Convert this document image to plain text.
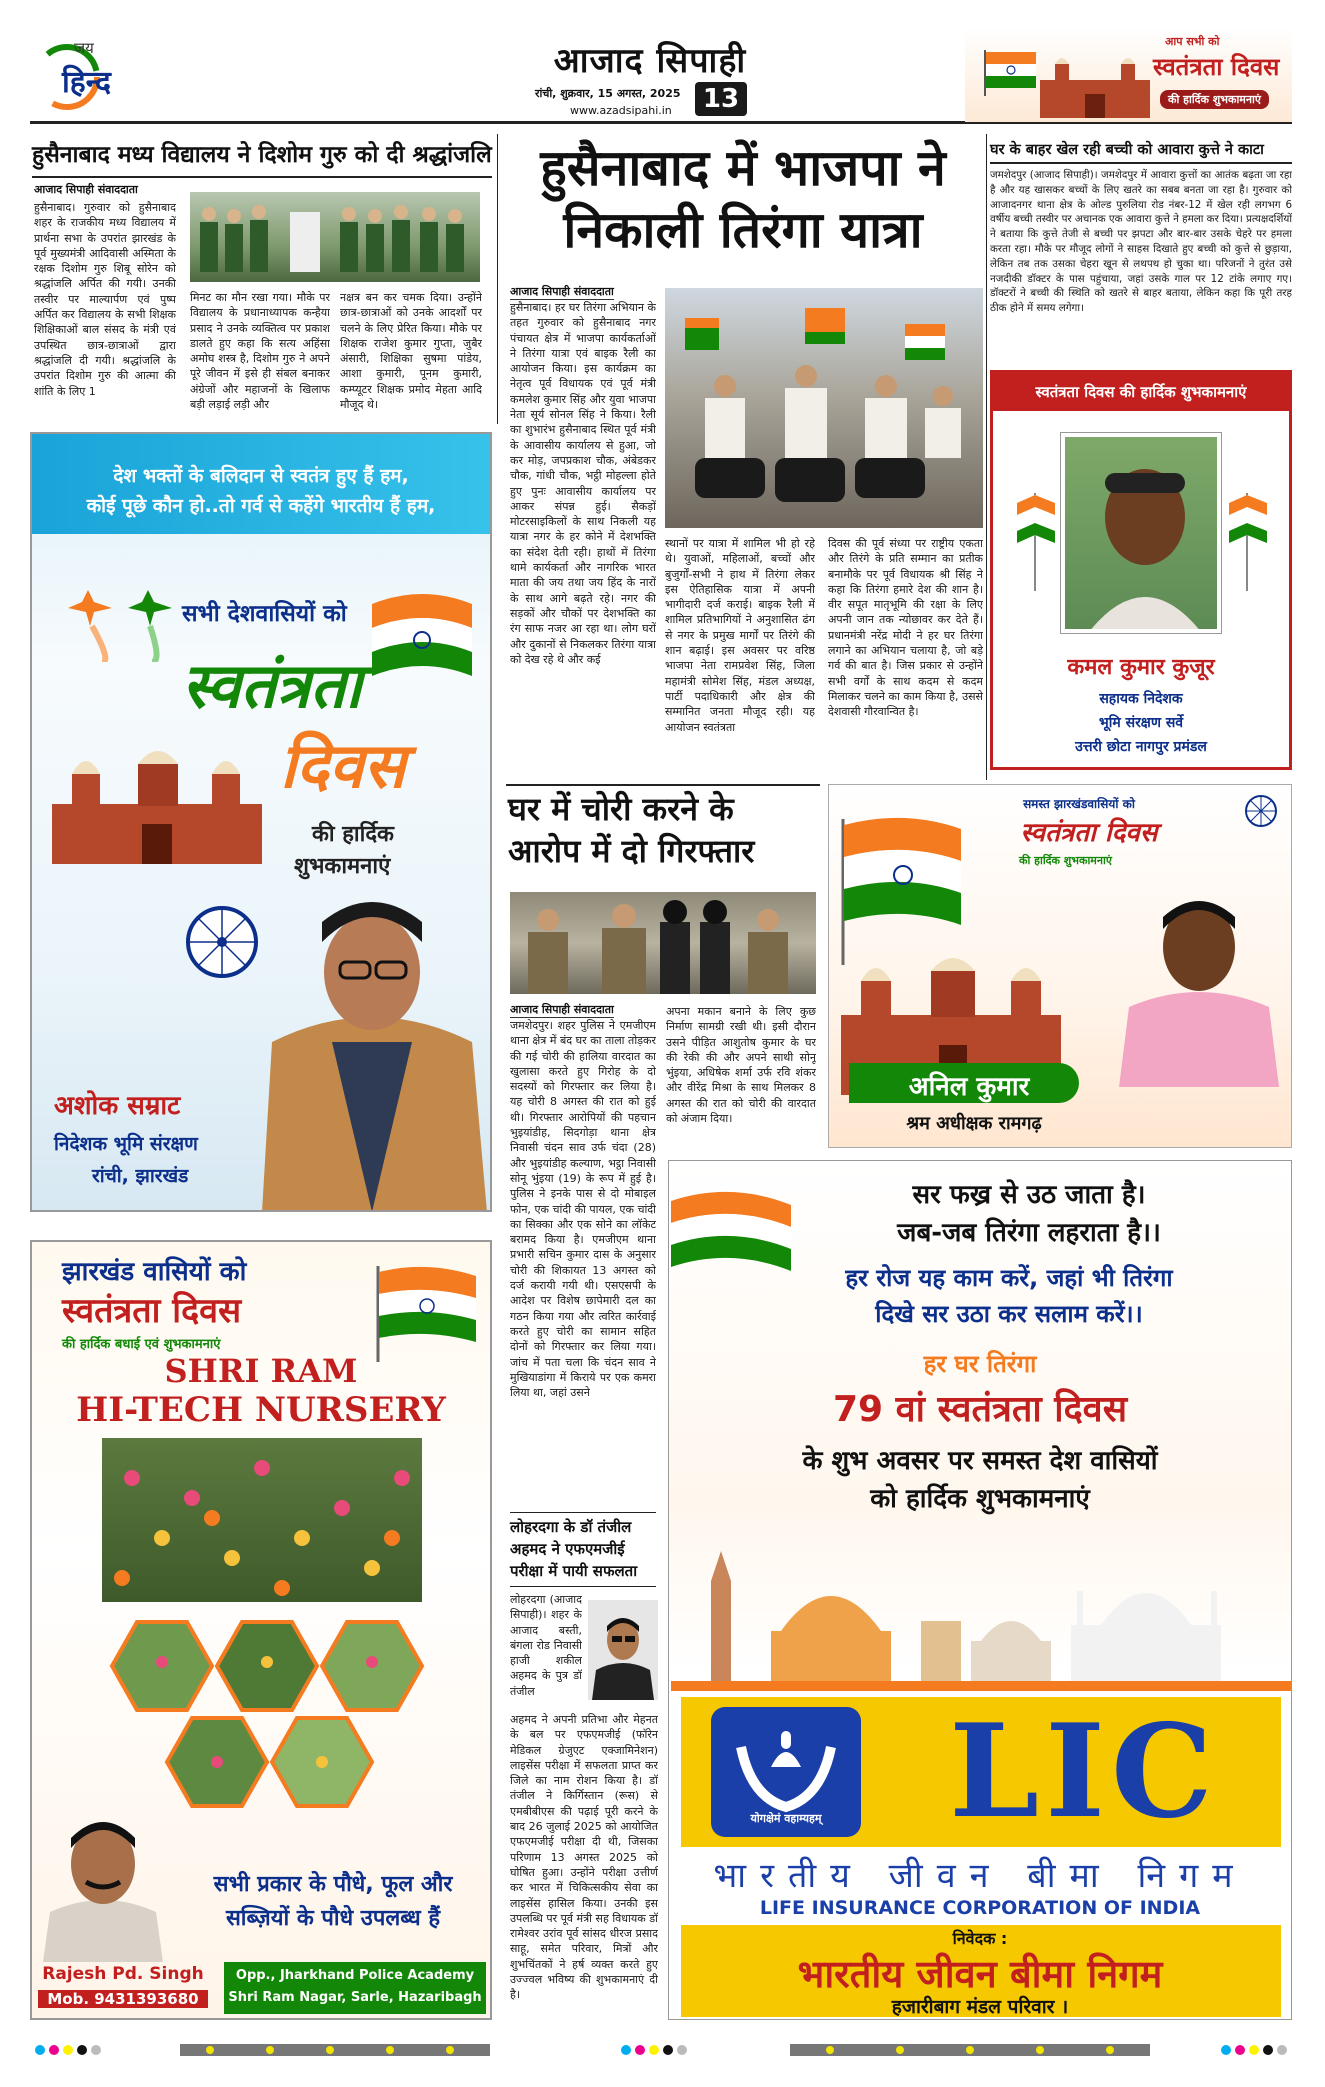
जय
हिन्द
आजाद सिपाही
रांची, शुक्रवार, 15 अगस्त, 2025 13
www.azadsipahi.in
आप सभी को
स्वतंत्रता दिवस
की हार्दिक शुभकामनाएं
हुसैनाबाद मध्य विद्यालय ने दिशोम गुरु को दी श्रद्धांजलि
आजाद सिपाही संवाददाता
हुसैनाबाद। गुरुवार को हुसैनाबाद शहर के राजकीय मध्य विद्यालय में प्रार्थना सभा के उपरांत झारखंड के पूर्व मुख्यमंत्री आदिवासी अस्मिता के रक्षक दिशोम गुरु शिबू सोरेन को श्रद्धांजलि अर्पित की गयी। उनकी तस्वीर पर माल्यार्पण एवं पुष्प अर्पित कर विद्यालय के सभी शिक्षक शिक्षिकाओं बाल संसद के मंत्री एवं उपस्थित छात्र-छात्राओं द्वारा श्रद्धांजलि दी गयी। श्रद्धांजलि के उपरांत दिशोम गुरु की आत्मा की शांति के लिए 1
मिनट का मौन रखा गया। मौके पर विद्यालय के प्रधानाध्यापक कन्हैया प्रसाद ने उनके व्यक्तित्व पर प्रकाश डालते हुए कहा कि सत्य अहिंसा अमोघ शस्त्र है, दिशोम गुरु ने अपने पूरे जीवन में इसे ही संबल बनाकर अंग्रेजों और महाजनों के खिलाफ बड़ी लड़ाई लड़ी और
नक्षत्र बन कर चमक दिया। उन्होंने छात्र-छात्राओं को उनके आदर्शों पर चलने के लिए प्रेरित किया। मौके पर शिक्षक राजेश कुमार गुप्ता, जुबैर अंसारी, शिक्षिका सुषमा पांडेय, आशा कुमारी, पूनम कुमारी, कम्प्यूटर शिक्षक प्रमोद मेहता आदि मौजूद थे।
हुसैनाबाद में भाजपा ने
निकाली तिरंगा यात्रा
आजाद सिपाही संवाददाता
हुसैनाबाद। हर घर तिरंगा अभियान के तहत गुरुवार को हुसैनाबाद नगर पंचायत क्षेत्र में भाजपा कार्यकर्ताओं ने तिरंगा यात्रा एवं बाइक रैली का आयोजन किया। इस कार्यक्रम का नेतृत्व पूर्व विधायक एवं पूर्व मंत्री कमलेश कुमार सिंह और युवा भाजपा नेता सूर्य सोनल सिंह ने किया। रैली का शुभारंभ हुसैनाबाद स्थित पूर्व मंत्री के आवासीय कार्यालय से हुआ, जो कर मोड़, जपप्रकाश चौक, अंबेडकर चौक, गांधी चौक, भट्ठी मोहल्ला होते हुए पुनः आवासीय कार्यालय पर आकर संपन्न हुई। सैकड़ों मोटरसाइकिलों के साथ निकली यह यात्रा नगर के हर कोने में देशभक्ति का संदेश देती रही। हाथों में तिरंगा थामे कार्यकर्ता और नागरिक भारत माता की जय तथा जय हिंद के नारों के साथ आगे बढ़ते रहे। नगर की सड़कों और चौकों पर देशभक्ति का रंग साफ नजर आ रहा था। लोग घरों और दुकानों से निकलकर तिरंगा यात्रा को देख रहे थे और कई
स्थानों पर यात्रा में शामिल भी हो रहे थे। युवाओं, महिलाओं, बच्चों और बुजुर्गों-सभी ने हाथ में तिरंगा लेकर इस ऐतिहासिक यात्रा में अपनी भागीदारी दर्ज कराई। बाइक रैली में शामिल प्रतिभागियों ने अनुशासित ढंग से नगर के प्रमुख मार्गों पर तिरंगे की शान बढ़ाई। इस अवसर पर वरिष्ठ भाजपा नेता रामप्रवेश सिंह, जिला महामंत्री सोमेश सिंह, मंडल अध्यक्ष, पार्टी पदाधिकारी और क्षेत्र की सम्मानित जनता मौजूद रही। यह आयोजन स्वतंत्रता
दिवस की पूर्व संध्या पर राष्ट्रीय एकता और तिरंगे के प्रति सम्मान का प्रतीक बनामौके पर पूर्व विधायक श्री सिंह ने कहा कि तिरंगा हमारे देश की शान है। वीर सपूत मातृभूमि की रक्षा के लिए अपनी जान तक न्योछावर कर देते हैं। प्रधानमंत्री नरेंद्र मोदी ने हर घर तिरंगा लगाने का अभियान चलाया है, जो बड़े गर्व की बात है। जिस प्रकार से उन्होंने सभी वर्गों के साथ कदम से कदम मिलाकर चलने का काम किया है, उससे देशवासी गौरवान्वित है।
घर के बाहर खेल रही बच्ची को आवारा कुत्ते ने काटा
जमशेदपुर (आजाद सिपाही)। जमशेदपुर में आवारा कुत्तों का आतंक बढ़ता जा रहा है और यह खासकर बच्चों के लिए खतरे का सबब बनता जा रहा है। गुरुवार को आजादनगर थाना क्षेत्र के ओल्ड पुरुलिया रोड नंबर-12 में खेल रही लगभग 6 वर्षीय बच्ची तस्वीर पर अचानक एक आवारा कुत्ते ने हमला कर दिया। प्रत्यक्षदर्शियों ने बताया कि कुत्ते तेजी से बच्ची पर झपटा और बार-बार उसके चेहरे पर हमला करता रहा। मौके पर मौजूद लोगों ने साहस दिखाते हुए बच्ची को कुत्ते से छुड़ाया, लेकिन तब तक उसका चेहरा खून से लथपथ हो चुका था। परिजनों ने तुरंत उसे नजदीकी डॉक्टर के पास पहुंचाया, जहां उसके गाल पर 12 टांके लगाए गए। डॉक्टरों ने बच्ची की स्थिति को खतरे से बाहर बताया, लेकिन कहा कि पूरी तरह ठीक होने में समय लगेगा।
स्वतंत्रता दिवस की हार्दिक शुभकामनाएं
कमल कुमार कुजूर
सहायक निदेशक
भूमि संरक्षण सर्वे
उत्तरी छोटा नागपुर प्रमंडल
देश भक्तों के बलिदान से स्वतंत्र हुए हैं हम,
कोई पूछे कौन हो..तो गर्व से कहेंगे भारतीय हैं हम,
सभी देशवासियों को
स्वतंत्रता
दिवस
की हार्दिक
शुभकामनाएं
अशोक सम्राट
निदेशक भूमि संरक्षण
रांची, झारखंड
घर में चोरी करने के
आरोप में दो गिरफ्तार
आजाद सिपाही संवाददाता
जमशेदपुर। शहर पुलिस ने एमजीएम थाना क्षेत्र में बंद घर का ताला तोड़कर की गई चोरी की हालिया वारदात का खुलासा करते हुए गिरोह के दो सदस्यों को गिरफ्तार कर लिया है। यह चोरी 8 अगस्त की रात को हुई थी। गिरफ्तार आरोपियों की पहचान भुइयांडीह, सिदगोड़ा थाना क्षेत्र निवासी चंदन साव उर्फ चंदा (28) और भुइयांडीह कल्याण, भट्ठा निवासी सोनू भुंइया (19) के रूप में हुई है। पुलिस ने इनके पास से दो मोबाइल फोन, एक चांदी की पायल, एक चांदी का सिक्का और एक सोने का लॉकेट बरामद किया है। एमजीएम थाना प्रभारी सचिन कुमार दास के अनुसार चोरी की शिकायत 13 अगस्त को दर्ज करायी गयी थी। एसएसपी के आदेश पर विशेष छापेमारी दल का गठन किया गया और त्वरित कार्रवाई करते हुए चोरी का सामान सहित दोनों को गिरफ्तार कर लिया गया। जांच में पता चला कि चंदन साव ने मुखियाडांगा में किराये पर एक कमरा लिया था, जहां उसने
अपना मकान बनाने के लिए कुछ निर्माण सामग्री रखी थी। इसी दौरान उसने पीड़ित आशुतोष कुमार के घर की रेकी की और अपने साथी सोनू भुंइया, अधिषेक शर्मा उर्फ रवि शंकर और वीरेंद्र मिश्रा के साथ मिलकर 8 अगस्त की रात को चोरी की वारदात को अंजाम दिया।
समस्त झारखंडवासियों को
स्वतंत्रता दिवस
की हार्दिक शुभकामनाएं
अनिल कुमार
श्रम अधीक्षक रामगढ़
झारखंड वासियों को
स्वतंत्रता दिवस
की हार्दिक बधाई एवं शुभकामनाएं
SHRI RAM
HI-TECH NURSERY
सभी प्रकार के पौधे, फूल और
सब्ज़ियों के पौधे उपलब्ध हैं
Rajesh Pd. Singh
Mob. 9431393680
Opp., Jharkhand Police Academy
Shri Ram Nagar, Sarle, Hazaribagh
लोहरदगा के डॉ तंजील
अहमद ने एफएमजीई
परीक्षा में पायी सफलता
लोहरदगा (आजाद सिपाही)। शहर के आजाद बस्ती, बंगला रोड निवासी हाजी शकील अहमद के पुत्र डॉ तंजील
अहमद ने अपनी प्रतिभा और मेहनत के बल पर एफएमजीई (फॉरेन मेडिकल ग्रेजुएट एक्जामिनेशन) लाइसेंस परीक्षा में सफलता प्राप्त कर जिले का नाम रोशन किया है। डॉ तंजील ने किर्गिस्तान (रूस) से एमबीबीएस की पढ़ाई पूरी करने के बाद 26 जुलाई 2025 को आयोजित एफएमजीई परीक्षा दी थी, जिसका परिणाम 13 अगस्त 2025 को घोषित हुआ। उन्होंने परीक्षा उत्तीर्ण कर भारत में चिकित्सकीय सेवा का लाइसेंस हासिल किया। उनकी इस उपलब्धि पर पूर्व मंत्री सह विधायक डॉ रामेश्वर उरांव पूर्व सांसद धीरज प्रसाद साहू, समेत परिवार, मित्रों और शुभचिंतकों ने हर्ष व्यक्त करते हुए उज्ज्वल भविष्य की शुभकामनाएं दी है।
सर फख्र से उठ जाता है।
जब-जब तिरंगा लहराता है।।
हर रोज यह काम करें, जहां भी तिरंगा
दिखे सर उठा कर सलाम करें।।
हर घर तिरंगा
79 वां स्वतंत्रता दिवस
के शुभ अवसर पर समस्त देश वासियों
को हार्दिक शुभकामनाएं
योगक्षेमं वहाम्यहम् LIC
भारतीय जीवन बीमा निगम
LIFE INSURANCE CORPORATION OF INDIA
निवेदक :
भारतीय जीवन बीमा निगम
हजारीबाग मंडल परिवार ।
